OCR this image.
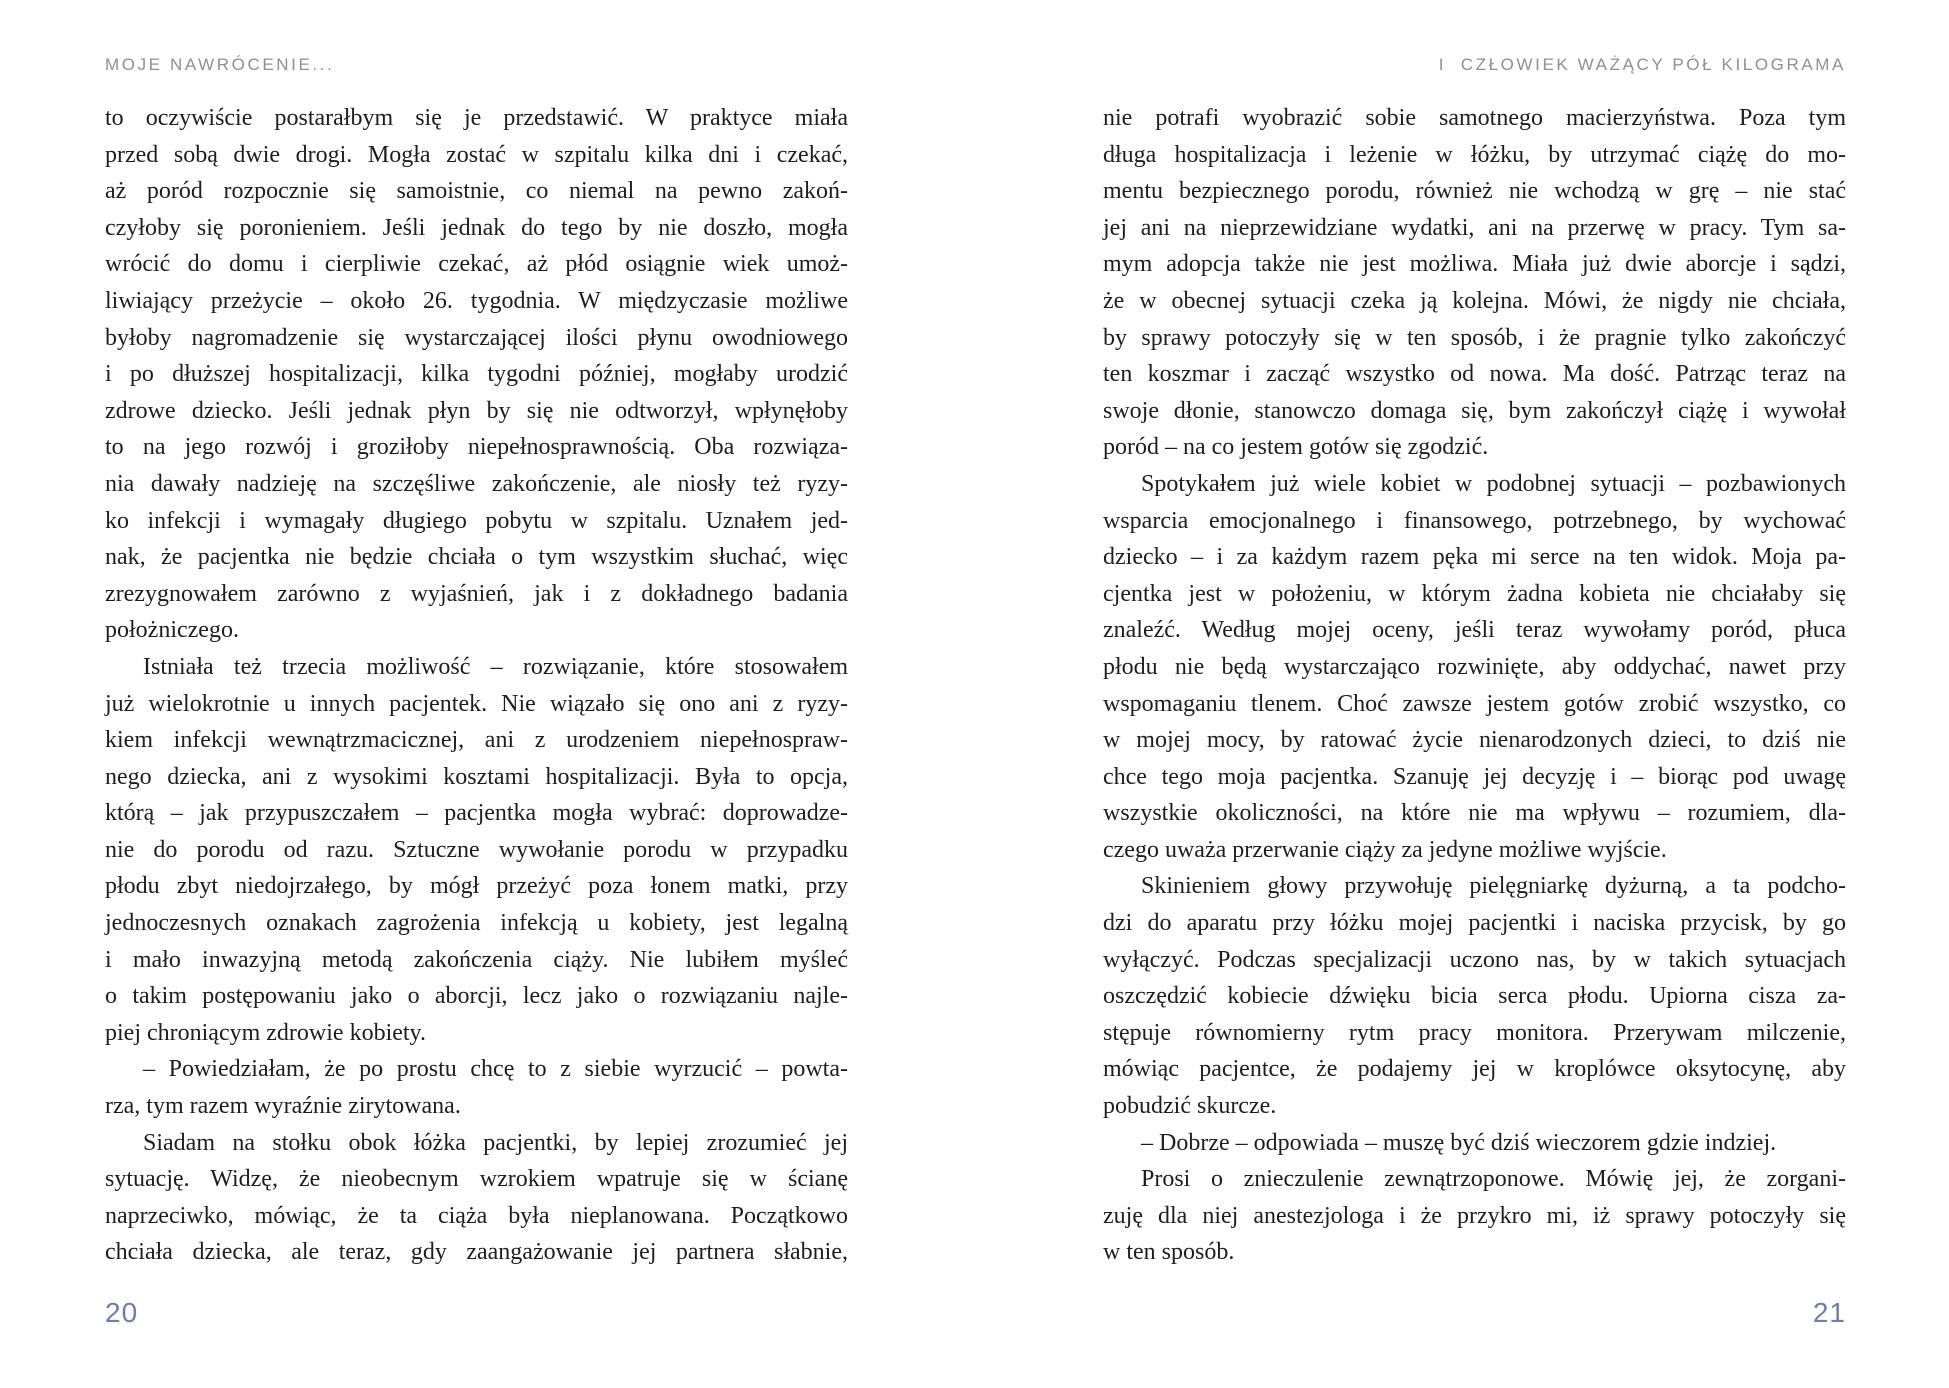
MOJE NAWRÓCENIE...
to oczywiście postarałbym się je przedstawić. W praktyce miała
przed sobą dwie drogi. Mogła zostać w szpitalu kilka dni i czekać,
aż poród rozpocznie się samoistnie, co niemal na pewno zakoń-
czyłoby się poronieniem. Jeśli jednak do tego by nie doszło, mogła
wrócić do domu i cierpliwie czekać, aż płód osiągnie wiek umoż-
liwiający przeżycie – około 26. tygodnia. W międzyczasie możliwe
byłoby nagromadzenie się wystarczającej ilości płynu owodniowego
i po dłuższej hospitalizacji, kilka tygodni później, mogłaby urodzić
zdrowe dziecko. Jeśli jednak płyn by się nie odtworzył, wpłynęłoby
to na jego rozwój i groziłoby niepełnosprawnością. Oba rozwiąza-
nia dawały nadzieję na szczęśliwe zakończenie, ale niosły też ryzy-
ko infekcji i wymagały długiego pobytu w szpitalu. Uznałem jed-
nak, że pacjentka nie będzie chciała o tym wszystkim słuchać, więc
zrezygnowałem zarówno z wyjaśnień, jak i z dokładnego badania
położniczego.
Istniała też trzecia możliwość – rozwiązanie, które stosowałem
już wielokrotnie u innych pacjentek. Nie wiązało się ono ani z ryzy-
kiem infekcji wewnątrzmacicznej, ani z urodzeniem niepełnospraw-
nego dziecka, ani z wysokimi kosztami hospitalizacji. Była to opcja,
którą – jak przypuszczałem – pacjentka mogła wybrać: doprowadze-
nie do porodu od razu. Sztuczne wywołanie porodu w przypadku
płodu zbyt niedojrzałego, by mógł przeżyć poza łonem matki, przy
jednoczesnych oznakach zagrożenia infekcją u kobiety, jest legalną
i mało inwazyjną metodą zakończenia ciąży. Nie lubiłem myśleć
o takim postępowaniu jako o aborcji, lecz jako o rozwiązaniu najle-
piej chroniącym zdrowie kobiety.
– Powiedziałam, że po prostu chcę to z siebie wyrzucić – powta-
rza, tym razem wyraźnie zirytowana.
Siadam na stołku obok łóżka pacjentki, by lepiej zrozumieć jej
sytuację. Widzę, że nieobecnym wzrokiem wpatruje się w ścianę
naprzeciwko, mówiąc, że ta ciąża była nieplanowana. Początkowo
chciała dziecka, ale teraz, gdy zaangażowanie jej partnera słabnie,
20
I  CZŁOWIEK WAŻĄCY PÓŁ KILOGRAMA
nie potrafi wyobrazić sobie samotnego macierzyństwa. Poza tym
długa hospitalizacja i leżenie w łóżku, by utrzymać ciążę do mo-
mentu bezpiecznego porodu, również nie wchodzą w grę – nie stać
jej ani na nieprzewidziane wydatki, ani na przerwę w pracy. Tym sa-
mym adopcja także nie jest możliwa. Miała już dwie aborcje i sądzi,
że w obecnej sytuacji czeka ją kolejna. Mówi, że nigdy nie chciała,
by sprawy potoczyły się w ten sposób, i że pragnie tylko zakończyć
ten koszmar i zacząć wszystko od nowa. Ma dość. Patrząc teraz na
swoje dłonie, stanowczo domaga się, bym zakończył ciążę i wywołał
poród – na co jestem gotów się zgodzić.
Spotykałem już wiele kobiet w podobnej sytuacji – pozbawionych
wsparcia emocjonalnego i finansowego, potrzebnego, by wychować
dziecko – i za każdym razem pęka mi serce na ten widok. Moja pa-
cjentka jest w położeniu, w którym żadna kobieta nie chciałaby się
znaleźć. Według mojej oceny, jeśli teraz wywołamy poród, płuca
płodu nie będą wystarczająco rozwinięte, aby oddychać, nawet przy
wspomaganiu tlenem. Choć zawsze jestem gotów zrobić wszystko, co
w mojej mocy, by ratować życie nienarodzonych dzieci, to dziś nie
chce tego moja pacjentka. Szanuję jej decyzję i – biorąc pod uwagę
wszystkie okoliczności, na które nie ma wpływu – rozumiem, dla-
czego uważa przerwanie ciąży za jedyne możliwe wyjście.
Skinieniem głowy przywołuję pielęgniarkę dyżurną, a ta podcho-
dzi do aparatu przy łóżku mojej pacjentki i naciska przycisk, by go
wyłączyć. Podczas specjalizacji uczono nas, by w takich sytuacjach
oszczędzić kobiecie dźwięku bicia serca płodu. Upiorna cisza za-
stępuje równomierny rytm pracy monitora. Przerywam milczenie,
mówiąc pacjentce, że podajemy jej w kroplówce oksytocynę, aby
pobudzić skurcze.
– Dobrze – odpowiada – muszę być dziś wieczorem gdzie indziej.
Prosi o znieczulenie zewnątrzoponowe. Mówię jej, że zorgani-
zuję dla niej anestezjologa i że przykro mi, iż sprawy potoczyły się
w ten sposób.
21
